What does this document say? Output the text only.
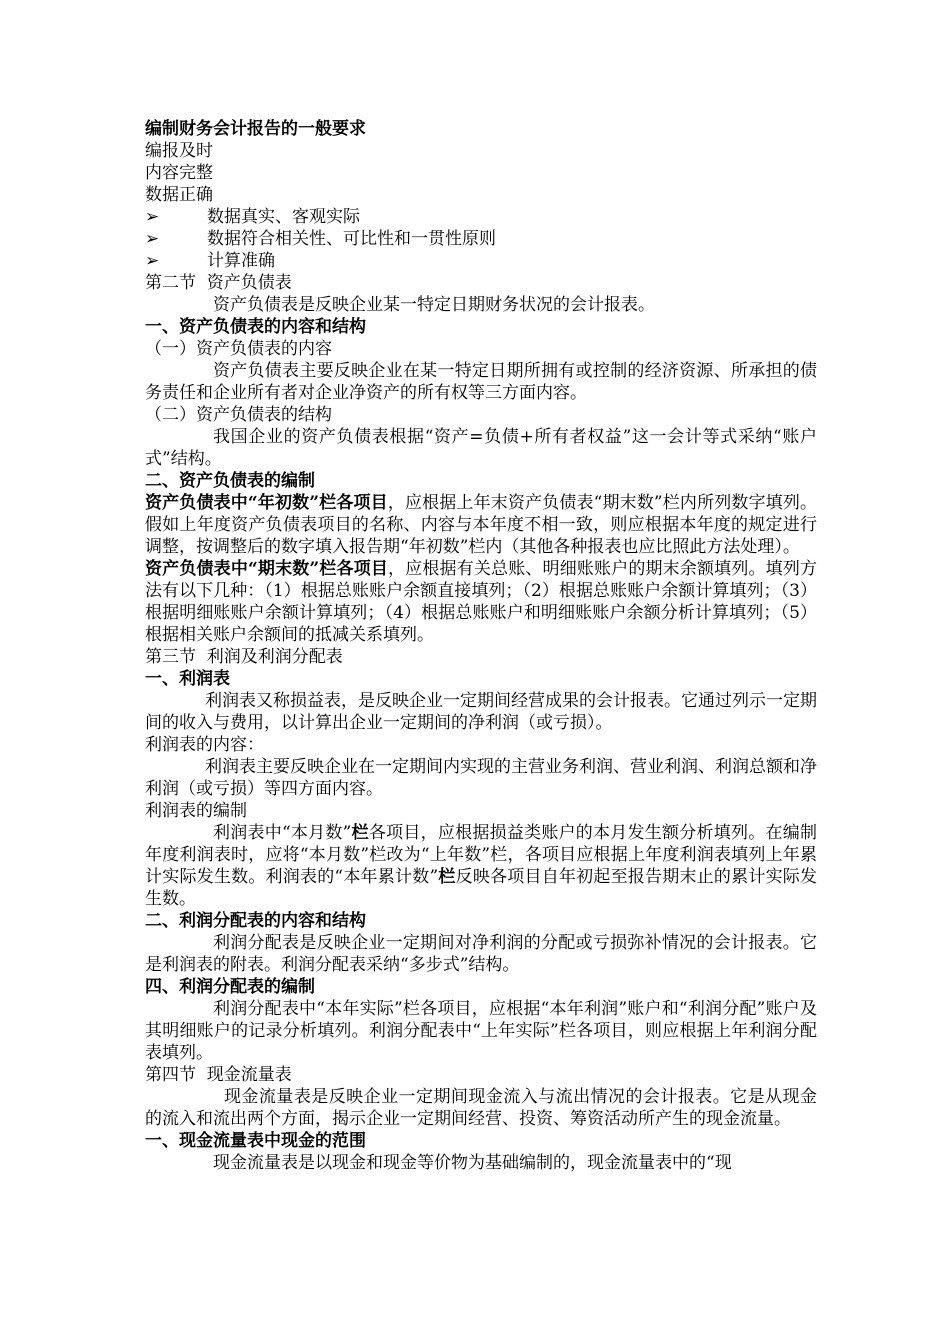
编制财务会计报告的一般要求
编报及时
内容完整
数据正确
➢	数据真实、客观实际
➢	数据符合相关性、可比性和一贯性原则
➢	计算准确
第二节  资产负债表
资产负债表是反映企业某一特定日期财务状况的会计报表。
一、资产负债表的内容和结构
（一）资产负债表的内容
资产负债表主要反映企业在某一特定日期所拥有或控制的经济资源、所承担的债务责任和企业所有者对企业净资产的所有权等三方面内容。
（二）资产负债表的结构
我国企业的资产负债表根据“资产=负债+所有者权益”这一会计等式采纳“账户式”结构。
二、资产负债表的编制
资产负债表中“年初数”栏各项目，应根据上年末资产负债表“期末数”栏内所列数字填列。假如上年度资产负债表项目的名称、内容与本年度不相一致，则应根据本年度的规定进行调整，按调整后的数字填入报告期“年初数”栏内（其他各种报表也应比照此方法处理）。
资产负债表中“期末数”栏各项目，应根据有关总账、明细账账户的期末余额填列。填列方法有以下几种：（1）根据总账账户余额直接填列；（2）根据总账账户余额计算填列；（3）根据明细账账户余额计算填列；（4）根据总账账户和明细账账户余额分析计算填列；（5）根据相关账户余额间的抵减关系填列。
第三节  利润及利润分配表
一、利润表
利润表又称损益表，是反映企业一定期间经营成果的会计报表。它通过列示一定期间的收入与费用，以计算出企业一定期间的净利润（或亏损）。
利润表的内容：
利润表主要反映企业在一定期间内实现的主营业务利润、营业利润、利润总额和净利润（或亏损）等四方面内容。
利润表的编制
利润表中“本月数”栏各项目，应根据损益类账户的本月发生额分析填列。在编制年度利润表时，应将“本月数”栏改为“上年数”栏，各项目应根据上年度利润表填列上年累计实际发生数。利润表的“本年累计数”栏反映各项目自年初起至报告期末止的累计实际发生数。
二、利润分配表的内容和结构
利润分配表是反映企业一定期间对净利润的分配或亏损弥补情况的会计报表。它是利润表的附表。利润分配表采纳“多步式”结构。
四、利润分配表的编制
利润分配表中“本年实际”栏各项目，应根据“本年利润”账户和“利润分配”账户及其明细账户的记录分析填列。利润分配表中“上年实际”栏各项目，则应根据上年利润分配表填列。
第四节  现金流量表
现金流量表是反映企业一定期间现金流入与流出情况的会计报表。它是从现金的流入和流出两个方面，揭示企业一定期间经营、投资、筹资活动所产生的现金流量。
一、现金流量表中现金的范围
现金流量表是以现金和现金等价物为基础编制的，现金流量表中的“现
